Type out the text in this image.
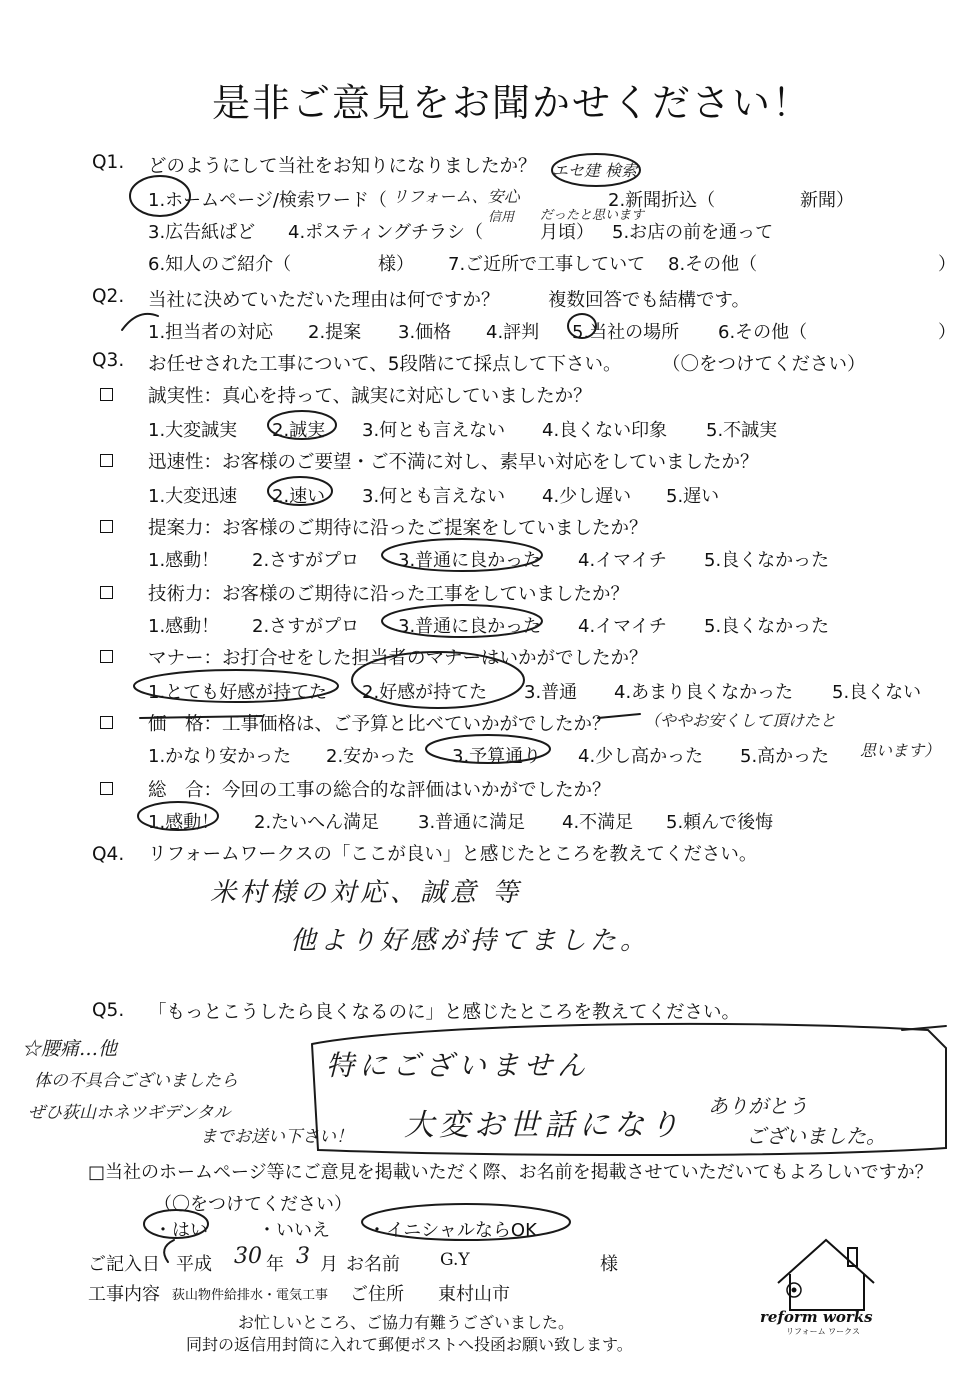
是非ご意見をお聞かせください！
Q1. どのようにして当社をお知りになりましたか？ エセ建 検索
1.ホームページ/検索ワード（ リフォーム、安心
信用 だったと思います
2.新聞折込（	新聞）
3.広告紙ぱど 4.ポスティングチラシ（	月頃） 5.お店の前を通って
6.知人のご紹介（	様） 7.ご近所で工事していて 8.その他（	）
Q2. 当社に決めていただいた理由は何ですか？	複数回答でも結構です。
1.担当者の対応 2.提案 3.価格 4.評判 5.当社の場所 6.その他（	）
Q3. お任せされた工事について、5段階にて採点して下さい。 （〇をつけてください）
誠実性：真心を持って、誠実に対応していましたか？
1.大変誠実 2.誠実 3.何とも言えない 4.良くない印象 5.不誠実
迅速性：お客様のご要望・ご不満に対し、素早い対応をしていましたか？
1.大変迅速 2.速い 3.何とも言えない 4.少し遅い 5.遅い
提案力：お客様のご期待に沿ったご提案をしていましたか？
1.感動！ 2.さすがプロ 3.普通に良かった 4.イマイチ 5.良くなかった
技術力：お客様のご期待に沿った工事をしていましたか？
1.感動！ 2.さすがプロ 3.普通に良かった 4.イマイチ 5.良くなかった
マナー：お打合せをした担当者のマナーはいかがでしたか？
1.とても好感が持てた 2.好感が持てた 3.普通 4.あまり良くなかった 5.良くない
価　格：工事価格は、ご予算と比べていかがでしたか？ （ややお安くして頂けたと
1.かなり安かった 2.安かった 3.予算通り 4.少し高かった 5.高かった 思います）
総　合：今回の工事の総合的な評価はいかがでしたか？
1.感動！ 2.たいへん満足 3.普通に満足 4.不満足 5.頼んで後悔
Q4. リフォームワークスの「ここが良い」と感じたところを教えてください。
米村様の対応、誠意 等
他より好感が持てました。
Q5. 「もっとこうしたら良くなるのに」と感じたところを教えてください。
☆腰痛…他
体の不具合ございましたら
ぜひ荻山ホネツギデンタル
までお送い下さい！
特にございません
大変お世話になり
ありがとう
ございました。
□当社のホームページ等にご意見を掲載いただく際、お名前を掲載させていただいてもよろしいですか？
（〇をつけてください）
・はい	・いいえ ・イニシャルならOK
ご記入日 平成 30 年 3 月 お名前 G.Y	様
工事内容 荻山物件給排水・電気工事 ご住所 東村山市
お忙しいところ、ご協力有難うございました。
同封の返信用封筒に入れて郵便ポストへ投函お願い致します。
reform works
リフォーム ワークス
